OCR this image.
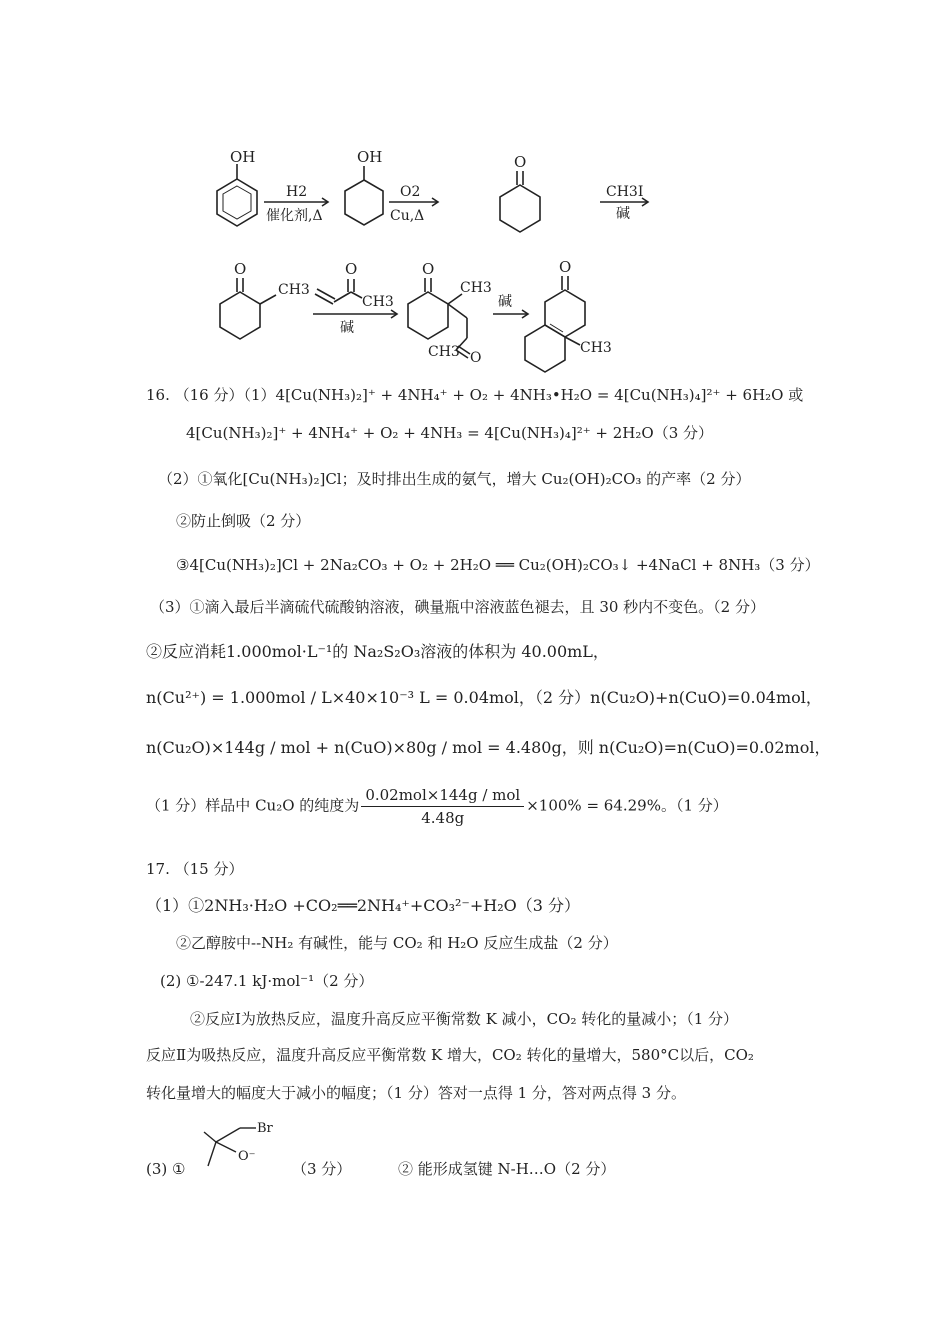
OH
H2
催化剂,Δ
OH
O2
Cu,Δ
O
CH3I
碱
O
CH3
O
CH3
碱
O
CH3
CH3 O
碱
O
CH3
16. （16 分）（1）4[Cu(NH₃)₂]⁺ + 4NH₄⁺ + O₂ + 4NH₃•H₂O = 4[Cu(NH₃)₄]²⁺ + 6H₂O 或
4[Cu(NH₃)₂]⁺ + 4NH₄⁺ + O₂ + 4NH₃ = 4[Cu(NH₃)₄]²⁺ + 2H₂O（3 分）
（2）①氧化[Cu(NH₃)₂]Cl；及时排出生成的氨气，增大 Cu₂(OH)₂CO₃ 的产率（2 分）
②防止倒吸（2 分）
③4[Cu(NH₃)₂]Cl + 2Na₂CO₃ + O₂ + 2H₂O ══ Cu₂(OH)₂CO₃↓ +4NaCl + 8NH₃（3 分）
（3）①滴入最后半滴硫代硫酸钠溶液，碘量瓶中溶液蓝色褪去，且 30 秒内不变色。（2 分）
②反应消耗1.000mol·L⁻¹的 Na₂S₂O₃溶液的体积为 40.00mL，
n(Cu²⁺) = 1.000mol / L×40×10⁻³ L = 0.04mol，（2 分）n(Cu₂O)+n(CuO)=0.04mol，
n(Cu₂O)×144g / mol + n(CuO)×80g / mol = 4.480g，则 n(Cu₂O)=n(CuO)=0.02mol，
（1 分）样品中 Cu₂O 的纯度为 $\frac{\text{0.02mol×144g / mol}}{4.48g} \times 100\% = 64.29\%$。（1 分）
17. （15 分）
（1）①2NH₃·H₂O +CO₂══2NH₄⁺+CO₃²⁻+H₂O（3 分）
②乙醇胺中--NH₂ 有碱性，能与 CO₂ 和 H₂O 反应生成盐（2 分）
(2) ①-247.1 kJ·mol⁻¹（2 分）
②反应Ⅰ为放热反应，温度升高反应平衡常数 K 减小，CO₂ 转化的量减小；（1 分）
反应Ⅱ为吸热反应，温度升高反应平衡常数 K 增大，CO₂ 转化的量增大，580°C以后，CO₂
转化量增大的幅度大于减小的幅度；（1 分）答对一点得 1 分，答对两点得 3 分。
(3) ①
Br
O⁻
（3 分）	② 能形成氢键 N-H…O（2 分）
